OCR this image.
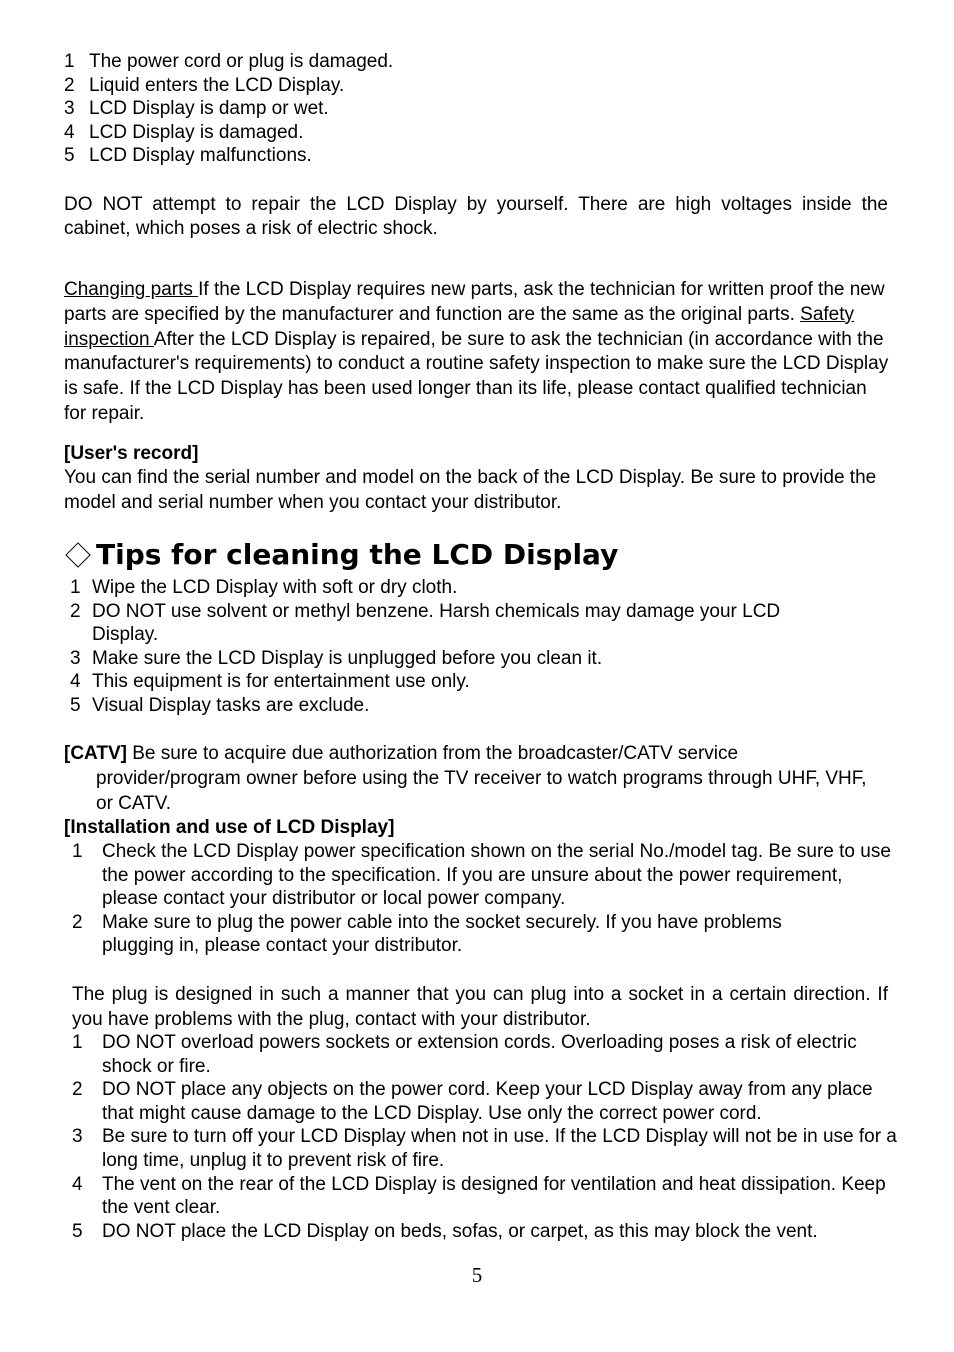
1 The power cord or plug is damaged.
2 Liquid enters the LCD Display.
3 LCD Display is damp or wet.
4 LCD Display is damaged.
5 LCD Display malfunctions.
DO NOT attempt to repair the LCD Display by yourself. There are high voltages inside the cabinet, which poses a risk of electric shock.
Changing parts If the LCD Display requires new parts, ask the technician for written proof the new parts are specified by the manufacturer and function are the same as the original parts. Safety inspection After the LCD Display is repaired, be sure to ask the technician (in accordance with the manufacturer's requirements) to conduct a routine safety inspection to make sure the LCD Display is safe. If the LCD Display has been used longer than its life, please contact qualified technician for repair.
[User's record]
You can find the serial number and model on the back of the LCD Display. Be sure to provide the model and serial number when you contact your distributor.
Tips for cleaning the LCD Display
1 Wipe the LCD Display with soft or dry cloth.
2 DO NOT use solvent or methyl benzene. Harsh chemicals may damage your LCD Display.
3 Make sure the LCD Display is unplugged before you clean it.
4 This equipment is for entertainment use only.
5 Visual Display tasks are exclude.
[CATV] Be sure to acquire due authorization from the broadcaster/CATV service provider/program owner before using the TV receiver to watch programs through UHF, VHF, or CATV.
[Installation and use of LCD Display]
1	Check the LCD Display power specification shown on the serial No./model tag. Be sure to use the power according to the specification. If you are unsure about the power requirement, please contact your distributor or local power company.
2	Make sure to plug the power cable into the socket securely. If you have problems plugging in, please contact your distributor.
The plug is designed in such a manner that you can plug into a socket in a certain direction. If you have problems with the plug, contact with your distributor.
1	DO NOT overload powers sockets or extension cords. Overloading poses a risk of electric shock or fire.
2	DO NOT place any objects on the power cord. Keep your LCD Display away from any place that might cause damage to the LCD Display. Use only the correct power cord.
3	Be sure to turn off your LCD Display when not in use. If the LCD Display will not be in use for a long time, unplug it to prevent risk of fire.
4	The vent on the rear of the LCD Display is designed for ventilation and heat dissipation. Keep the vent clear.
5	DO NOT place the LCD Display on beds, sofas, or carpet, as this may block the vent.
5
